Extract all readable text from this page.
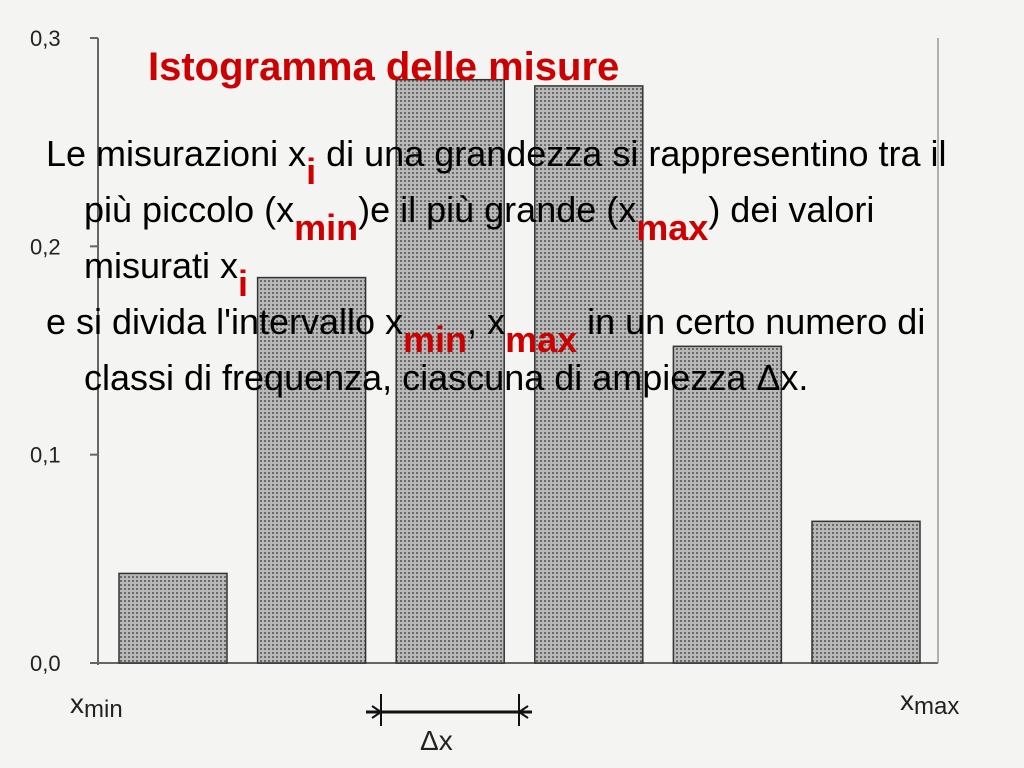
0,0
0,1
0,2
0,3
xmin	xmax
Δx
Istogramma delle misure

Le misurazioni xi di una grandezza si rappresentino tra il più piccolo (xmin)e il più grande (xmax) dei valori misurati xi

e si divida l'intervallo xmin, xmax in un certo numero di classi di frequenza, ciascuna di ampiezza Δx.
